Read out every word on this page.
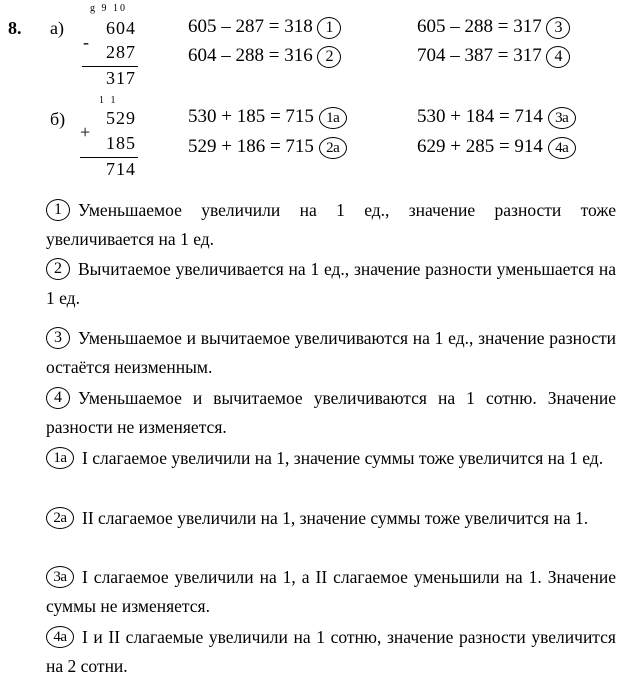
8. а)
g 9 10
604
- 287
317
605 – 287 = 318 1
604 – 288 = 316 2
605 – 288 = 317 3
704 – 387 = 317 4
б)
1 1
529
+
185
714
530 + 185 = 715 1а
529 + 186 = 715 2а
530 + 184 = 714 3а
629 + 285 = 914 4а
1 Уменьшаемое увеличили на 1 ед., значение разности тоже увеличивается на 1 ед.
2 Вычитаемое увеличивается на 1 ед., значение разности уменьшается на 1 ед.
3 Уменьшаемое и вычитаемое увеличиваются на 1 ед., значение разности остаётся неизменным.
4 Уменьшаемое и вычитаемое увеличиваются на 1 сотню. Значение разности не изменяется.
1а I слагаемое увеличили на 1, значение суммы тоже увеличится на 1 ед.
2а II слагаемое увеличили на 1, значение суммы тоже увеличится на 1.
3а I слагаемое увеличили на 1, а II слагаемое уменьшили на 1. Значение суммы не изменяется.
4а I и II слагаемые увеличили на 1 сотню, значение разности увеличится на 2 сотни.
